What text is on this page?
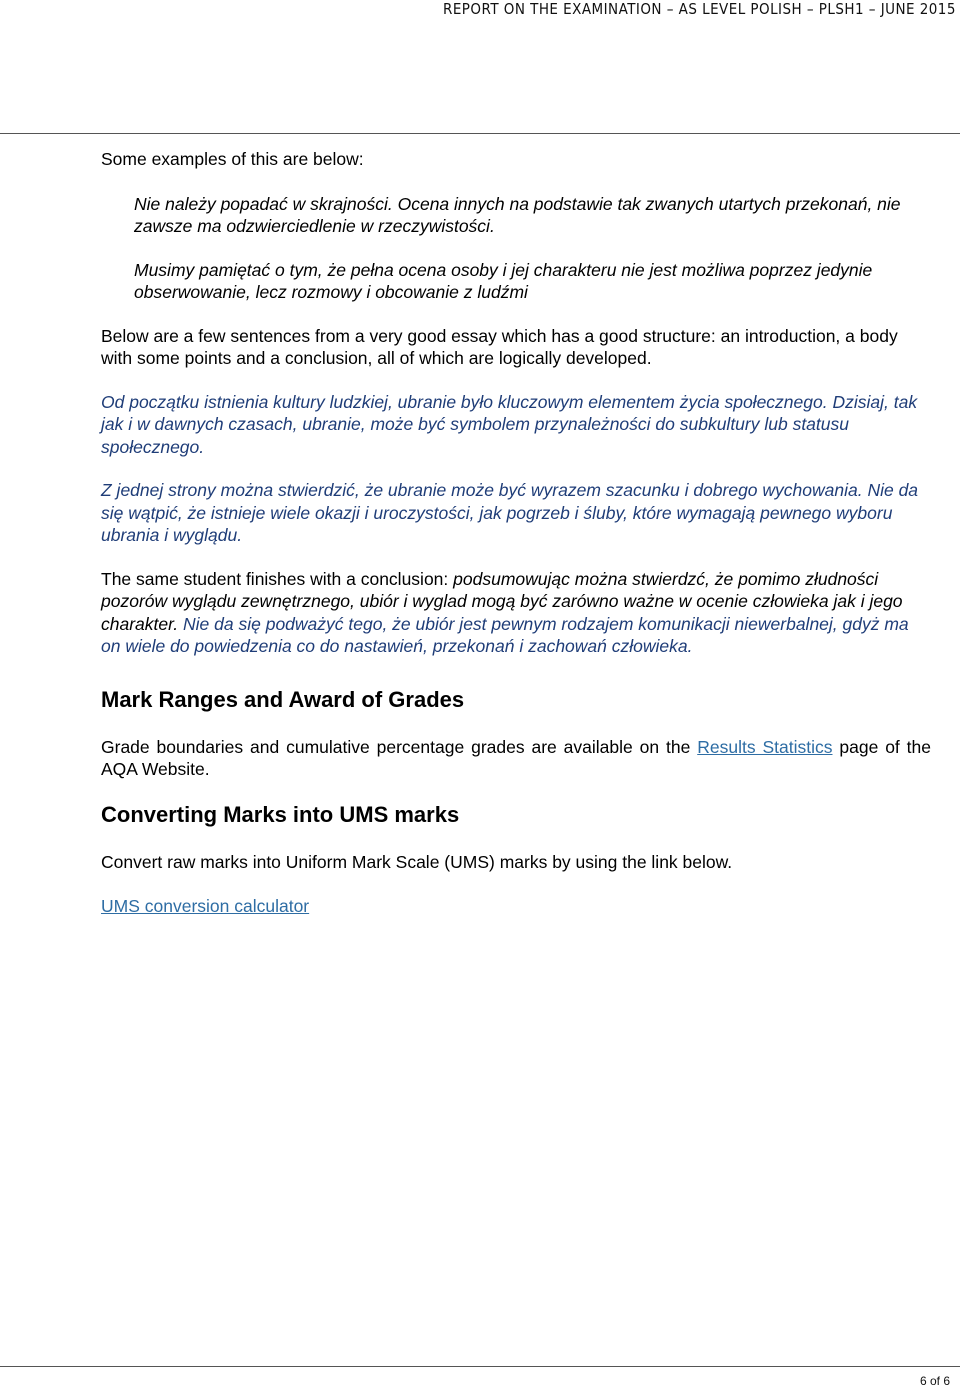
REPORT ON THE EXAMINATION – AS LEVEL POLISH – PLSH1 – JUNE 2015

Some examples of this are below:

Nie należy popadać w skrajności. Ocena innych na podstawie tak zwanych utartych przekonań, nie zawsze ma odzwierciedlenie w rzeczywistości.

Musimy pamiętać o tym, że pełna ocena osoby i jej charakteru nie jest możliwa poprzez jedynie obserwowanie, lecz rozmowy i obcowanie z ludźmi

Below are a few sentences from a very good essay which has a good structure: an introduction, a body with some points and a conclusion, all of which are logically developed.

Od początku istnienia kultury ludzkiej, ubranie było kluczowym elementem życia społecznego. Dzisiaj, tak jak i w dawnych czasach, ubranie, może być symbolem przynależności do subkultury lub statusu społecznego.

Z jednej strony można stwierdzić, że ubranie może być wyrazem szacunku i dobrego wychowania. Nie da się wątpić, że istnieje wiele okazji i uroczystości, jak pogrzeb i śluby, które wymagają pewnego wyboru ubrania i wyglądu.

The same student finishes with a conclusion: podsumowując można stwierdzć, że pomimo złudności pozorów wyglądu zewnętrznego, ubiór i wyglad mogą być zarówno ważne w ocenie człowieka jak i jego charakter. Nie da się podważyć tego, że ubiór jest pewnym rodzajem komunikacji niewerbalnej, gdyż ma on wiele do powiedzenia co do nastawień, przekonań i zachowań człowieka.

Mark Ranges and Award of Grades

Grade boundaries and cumulative percentage grades are available on the Results Statistics page of the AQA Website.

Converting Marks into UMS marks

Convert raw marks into Uniform Mark Scale (UMS) marks by using the link below.

UMS conversion calculator

6 of 6
